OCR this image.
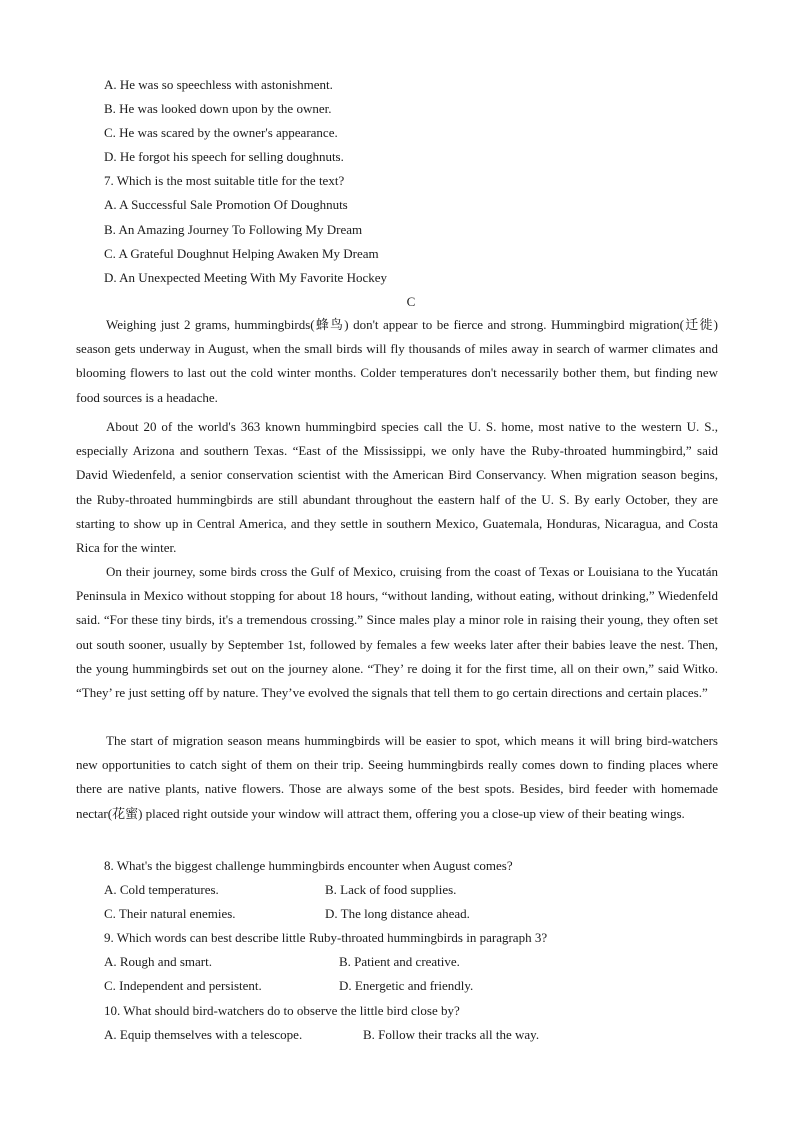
A. He was so speechless with astonishment.
B. He was looked down upon by the owner.
C. He was scared by the owner's appearance.
D. He forgot his speech for selling doughnuts.
7. Which is the most suitable title for the text?
A. A Successful Sale Promotion Of Doughnuts
B. An Amazing Journey To Following My Dream
C. A Grateful Doughnut Helping Awaken My Dream
D. An Unexpected Meeting With My Favorite Hockey
C

Weighing just 2 grams, hummingbirds(蜂鸟) don't appear to be fierce and strong. Hummingbird migration(迁徙) season gets underway in August, when the small birds will fly thousands of miles away in search of warmer climates and blooming flowers to last out the cold winter months. Colder temperatures don't necessarily bother them, but finding new food sources is a headache.

About 20 of the world's 363 known hummingbird species call the U. S. home, most native to the western U. S., especially Arizona and southern Texas. “East of the Mississippi, we only have the Ruby-throated hummingbird,” said David Wiedenfeld, a senior conservation scientist with the American Bird Conservancy. When migration season begins, the Ruby-throated hummingbirds are still abundant throughout the eastern half of the U. S. By early October, they are starting to show up in Central America, and they settle in southern Mexico, Guatemala, Honduras, Nicaragua, and Costa Rica for the winter.

On their journey, some birds cross the Gulf of Mexico, cruising from the coast of Texas or Louisiana to the Yucatán Peninsula in Mexico without stopping for about 18 hours, “without landing, without eating, without drinking,” Wiedenfeld said. “For these tiny birds, it's a tremendous crossing.” Since males play a minor role in raising their young, they often set out south sooner, usually by September 1st, followed by females a few weeks later after their babies leave the nest. Then, the young hummingbirds set out on the journey alone. “They’ re doing it for the first time, all on their own,” said Witko. “They’ re just setting off by nature. They’ve evolved the signals that tell them to go certain directions and certain places.”

The start of migration season means hummingbirds will be easier to spot, which means it will bring bird-watchers new opportunities to catch sight of them on their trip. Seeing hummingbirds really comes down to finding places where there are native plants, native flowers. Those are always some of the best spots. Besides, bird feeder with homemade nectar(花蜜) placed right outside your window will attract them, offering you a close-up view of their beating wings.

8. What's the biggest challenge hummingbirds encounter when August comes?
A. Cold temperatures.	B. Lack of food supplies.
C. Their natural enemies.	D. The long distance ahead.
9. Which words can best describe little Ruby-throated hummingbirds in paragraph 3?
A. Rough and smart.	B. Patient and creative.
C. Independent and persistent.	D. Energetic and friendly.
10. What should bird-watchers do to observe the little bird close by?
A. Equip themselves with a telescope.	B. Follow their tracks all the way.
